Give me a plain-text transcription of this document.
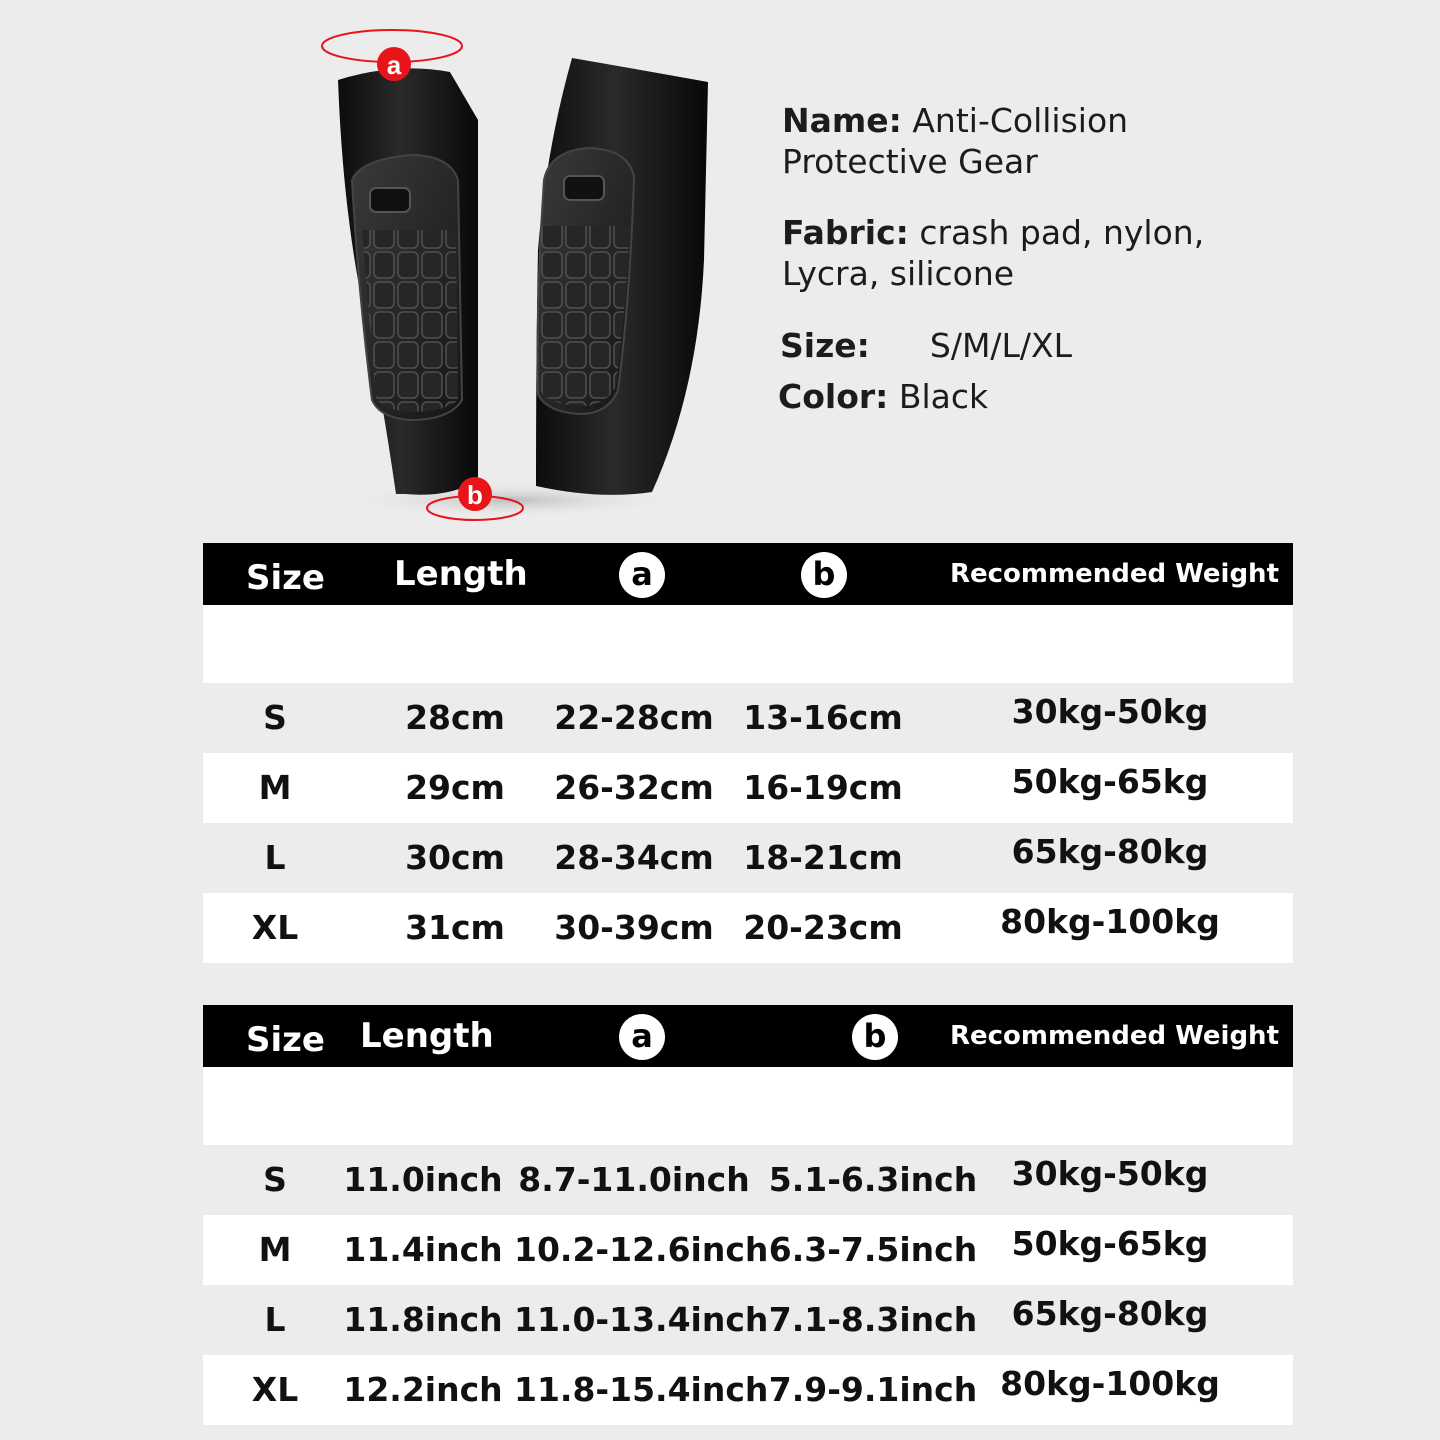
a
b
Name: Anti-Collision
Protective Gear
Fabric: crash pad, nylon,
Lycra, silicone
Size: S/M/L/XL
Color: Black
Size Length	a	b	Recommended Weight
S	28cm	22-28cm 13-16cm	30kg-50kg
M	29cm	26-32cm 16-19cm	50kg-65kg
L	30cm	28-34cm 18-21cm	65kg-80kg
XL	31cm	30-39cm 20-23cm	80kg-100kg
Size Length	a	b	Recommended Weight
S	11.0inch 8.7-11.0inch 5.1-6.3inch	30kg-50kg
M	11.4inch 10.2-12.6inch 6.3-7.5inch	50kg-65kg
L	11.8inch 11.0-13.4inch 7.1-8.3inch	65kg-80kg
XL	12.2inch 11.8-15.4inch 7.9-9.1inch 80kg-100kg
